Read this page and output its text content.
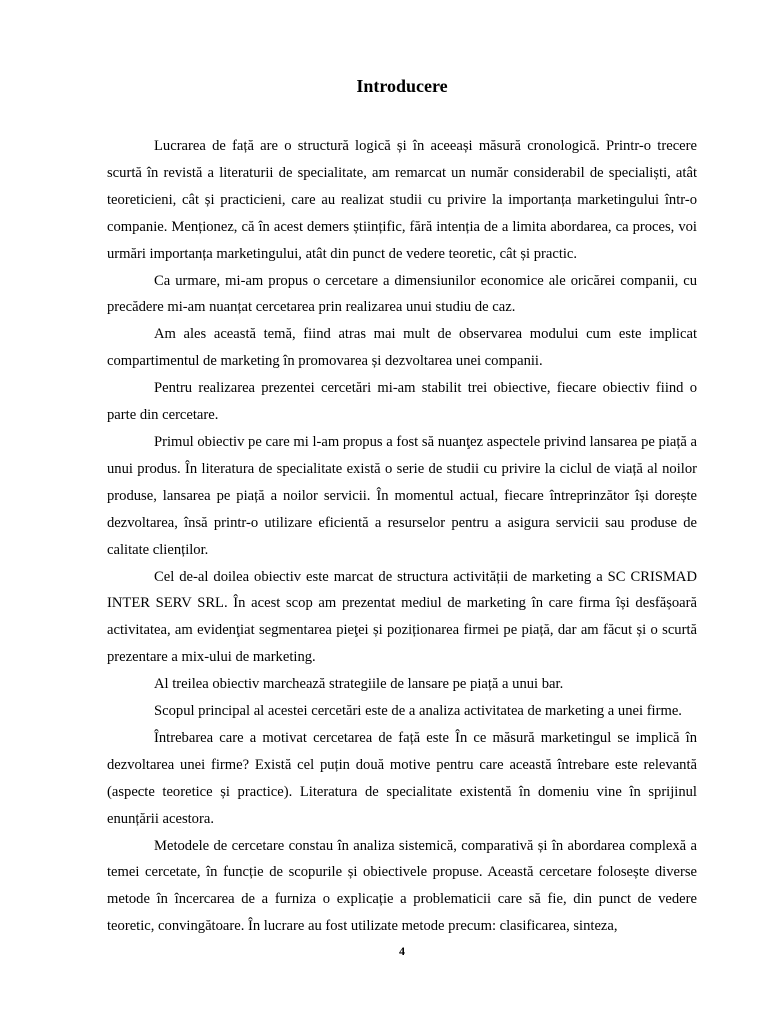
Introducere

Lucrarea de față are o structură logică și în aceeași măsură cronologică. Printr-o trecere scurtă în revistă a literaturii de specialitate, am remarcat un număr considerabil de specialiști, atât teoreticieni, cât și practicieni, care au realizat studii cu privire la importanța marketingului într-o companie. Menționez, că în acest demers științific, fără intenția de a limita abordarea, ca proces, voi urmări importanța marketingului, atât din punct de vedere teoretic, cât și practic.

Ca urmare, mi-am propus o cercetare a dimensiunilor economice ale oricărei companii, cu precădere mi-am nuanțat cercetarea prin realizarea unui studiu de caz.

Am ales această temă, fiind atras mai mult de observarea modului cum este implicat compartimentul de marketing în promovarea și dezvoltarea unei companii.

Pentru realizarea prezentei cercetări mi-am stabilit trei obiective, fiecare obiectiv fiind o parte din cercetare.

Primul obiectiv pe care mi l-am propus a fost să nuanţez aspectele privind lansarea pe piață a unui produs. În literatura de specialitate există o serie de studii cu privire la ciclul de viață al noilor produse, lansarea pe piață a noilor servicii. În momentul actual, fiecare întreprinzător își dorește dezvoltarea, însă printr-o utilizare eficientă a resurselor pentru a asigura servicii sau produse de calitate clienților.

Cel de-al doilea obiectiv este marcat de structura activității de marketing a SC CRISMAD INTER SERV SRL. În acest scop am prezentat mediul de marketing în care firma își desfășoară activitatea, am evidenţiat segmentarea pieţei și poziționarea firmei pe piață, dar am făcut și o scurtă prezentare a mix-ului de marketing.

Al treilea obiectiv marchează strategiile de lansare pe piață a unui bar.

Scopul principal al acestei cercetări este de a analiza activitatea de marketing a unei firme.

Întrebarea care a motivat cercetarea de față este În ce măsură marketingul se implică în dezvoltarea unei firme? Există cel puțin două motive pentru care această întrebare este relevantă (aspecte teoretice și practice). Literatura de specialitate existentă în domeniu vine în sprijinul enunțării acestora.

Metodele de cercetare constau în analiza sistemică, comparativă și în abordarea complexă a temei cercetate, în funcție de scopurile și obiectivele propuse. Această cercetare folosește diverse metode în încercarea de a furniza o explicație a problematicii care să fie, din punct de vedere teoretic, convingătoare. În lucrare au fost utilizate metode precum: clasificarea, sinteza,

4
